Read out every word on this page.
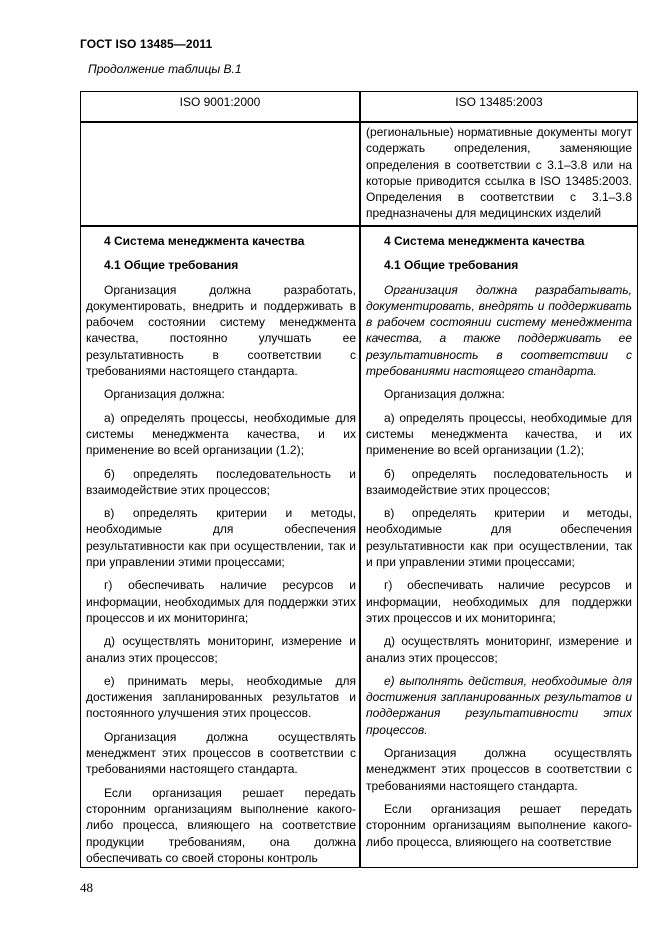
ГОСТ ISO 13485—2011
Продолжение таблицы В.1
ISO 9001:2000	ISO 13485:2003

(региональные) нормативные документы могут содержать определения, заменяющие определения в соответствии с 3.1–3.8 или на которые приводится ссылка в ISO 13485:2003. Определения в соответствии с 3.1–3.8 предназначены для медицинских изделий

4 Система менеджмента качества

4.1 Общие требования

Организация должна разработать, документировать, внедрить и поддерживать в рабочем состоянии систему менеджмента качества, постоянно улучшать ее результативность в соответствии с требованиями настоящего стандарта.

Организация должна:

а) определять процессы, необходимые для системы менеджмента качества, и их применение во всей организации (1.2);

б) определять последовательность и взаимодействие этих процессов;

в) определять критерии и методы, необходимые для обеспечения результативности как при осуществлении, так и при управлении этими процессами;

г) обеспечивать наличие ресурсов и информации, необходимых для поддержки этих процессов и их мониторинга;

д) осуществлять мониторинг, измерение и анализ этих процессов;

е) принимать меры, необходимые для достижения запланированных результатов и постоянного улучшения этих процессов.

Организация должна осуществлять менеджмент этих процессов в соответствии с требованиями настоящего стандарта.

Если организация решает передать сторонним организациям выполнение какого-либо процесса, влияющего на соответствие продукции требованиям, она должна обеспечивать со своей стороны контроль

4 Система менеджмента качества

4.1 Общие требования

Организация должна разрабатывать, документировать, внедрять и поддерживать в рабочем состоянии систему менеджмента качества, а также поддерживать ее результативность в соответствии с требованиями настоящего стандарта.

Организация должна:

а) определять процессы, необходимые для системы менеджмента качества, и их применение во всей организации (1.2);

б) определять последовательность и взаимодействие этих процессов;

в) определять критерии и методы, необходимые для обеспечения результативности как при осуществлении, так и при управлении этими процессами;

г) обеспечивать наличие ресурсов и информации, необходимых для поддержки этих процессов и их мониторинга;

д) осуществлять мониторинг, измерение и анализ этих процессов;

е) выполнять действия, необходимые для достижения запланированных результатов и поддержания результативности этих процессов.

Организация должна осуществлять менеджмент этих процессов в соответствии с требованиями настоящего стандарта.

Если организация решает передать сторонним организациям выполнение какого-либо процесса, влияющего на соответствие

48
